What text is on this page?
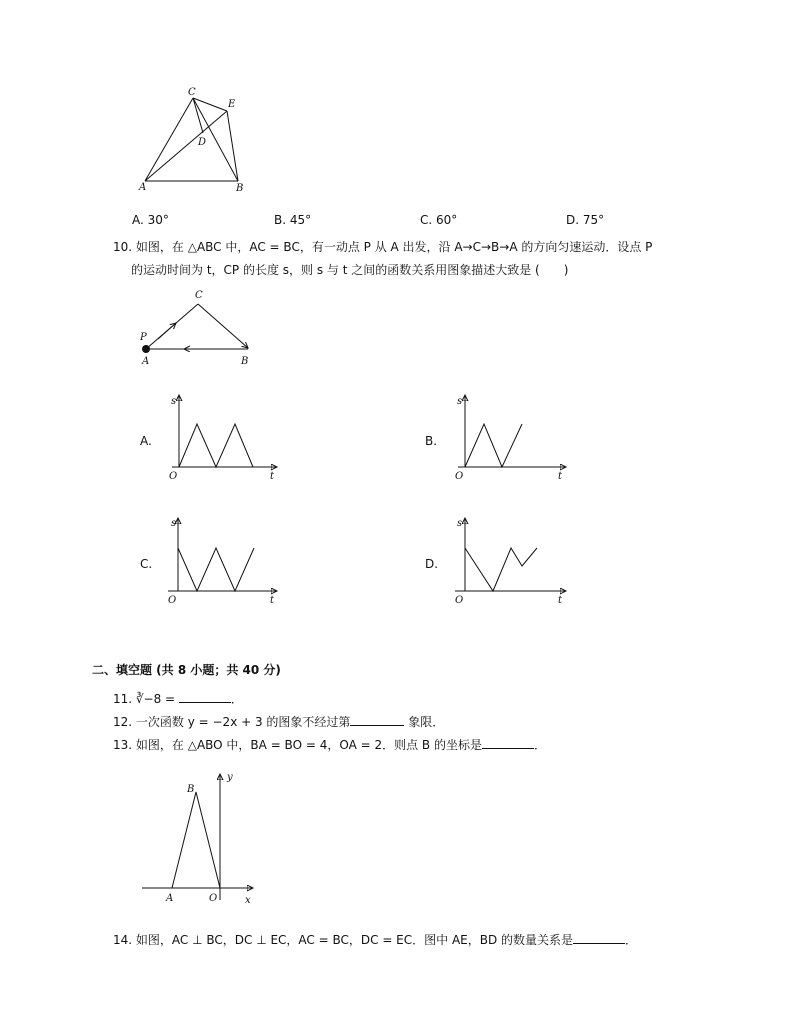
C
E
D
A	B
A. 30°	B. 45°	C. 60°	D. 75°
10. 如图，在 △ABC 中，AC = BC，有一动点 P 从 A 出发，沿 A→C→B→A 的方向匀速运动．设点 P
的运动时间为 t，CP 的长度 s，则 s 与 t 之间的函数关系用图象描述大致是 (　　)
C
P
A	B
s
O	t
s
O	t
s
O	t
s
O	t
A.	B.
C.	D.
二、填空题 (共 8 小题；共 40 分)
11. ∛−8 =	．
12. 一次函数 y = −2x + 3 的图象不经过第	象限．
13. 如图，在 △ABO 中，BA = BO = 4，OA = 2．则点 B 的坐标是	．
B
y
A	O	x
14. 如图，AC ⊥ BC，DC ⊥ EC，AC = BC，DC = EC．图中 AE，BD 的数量关系是	．
